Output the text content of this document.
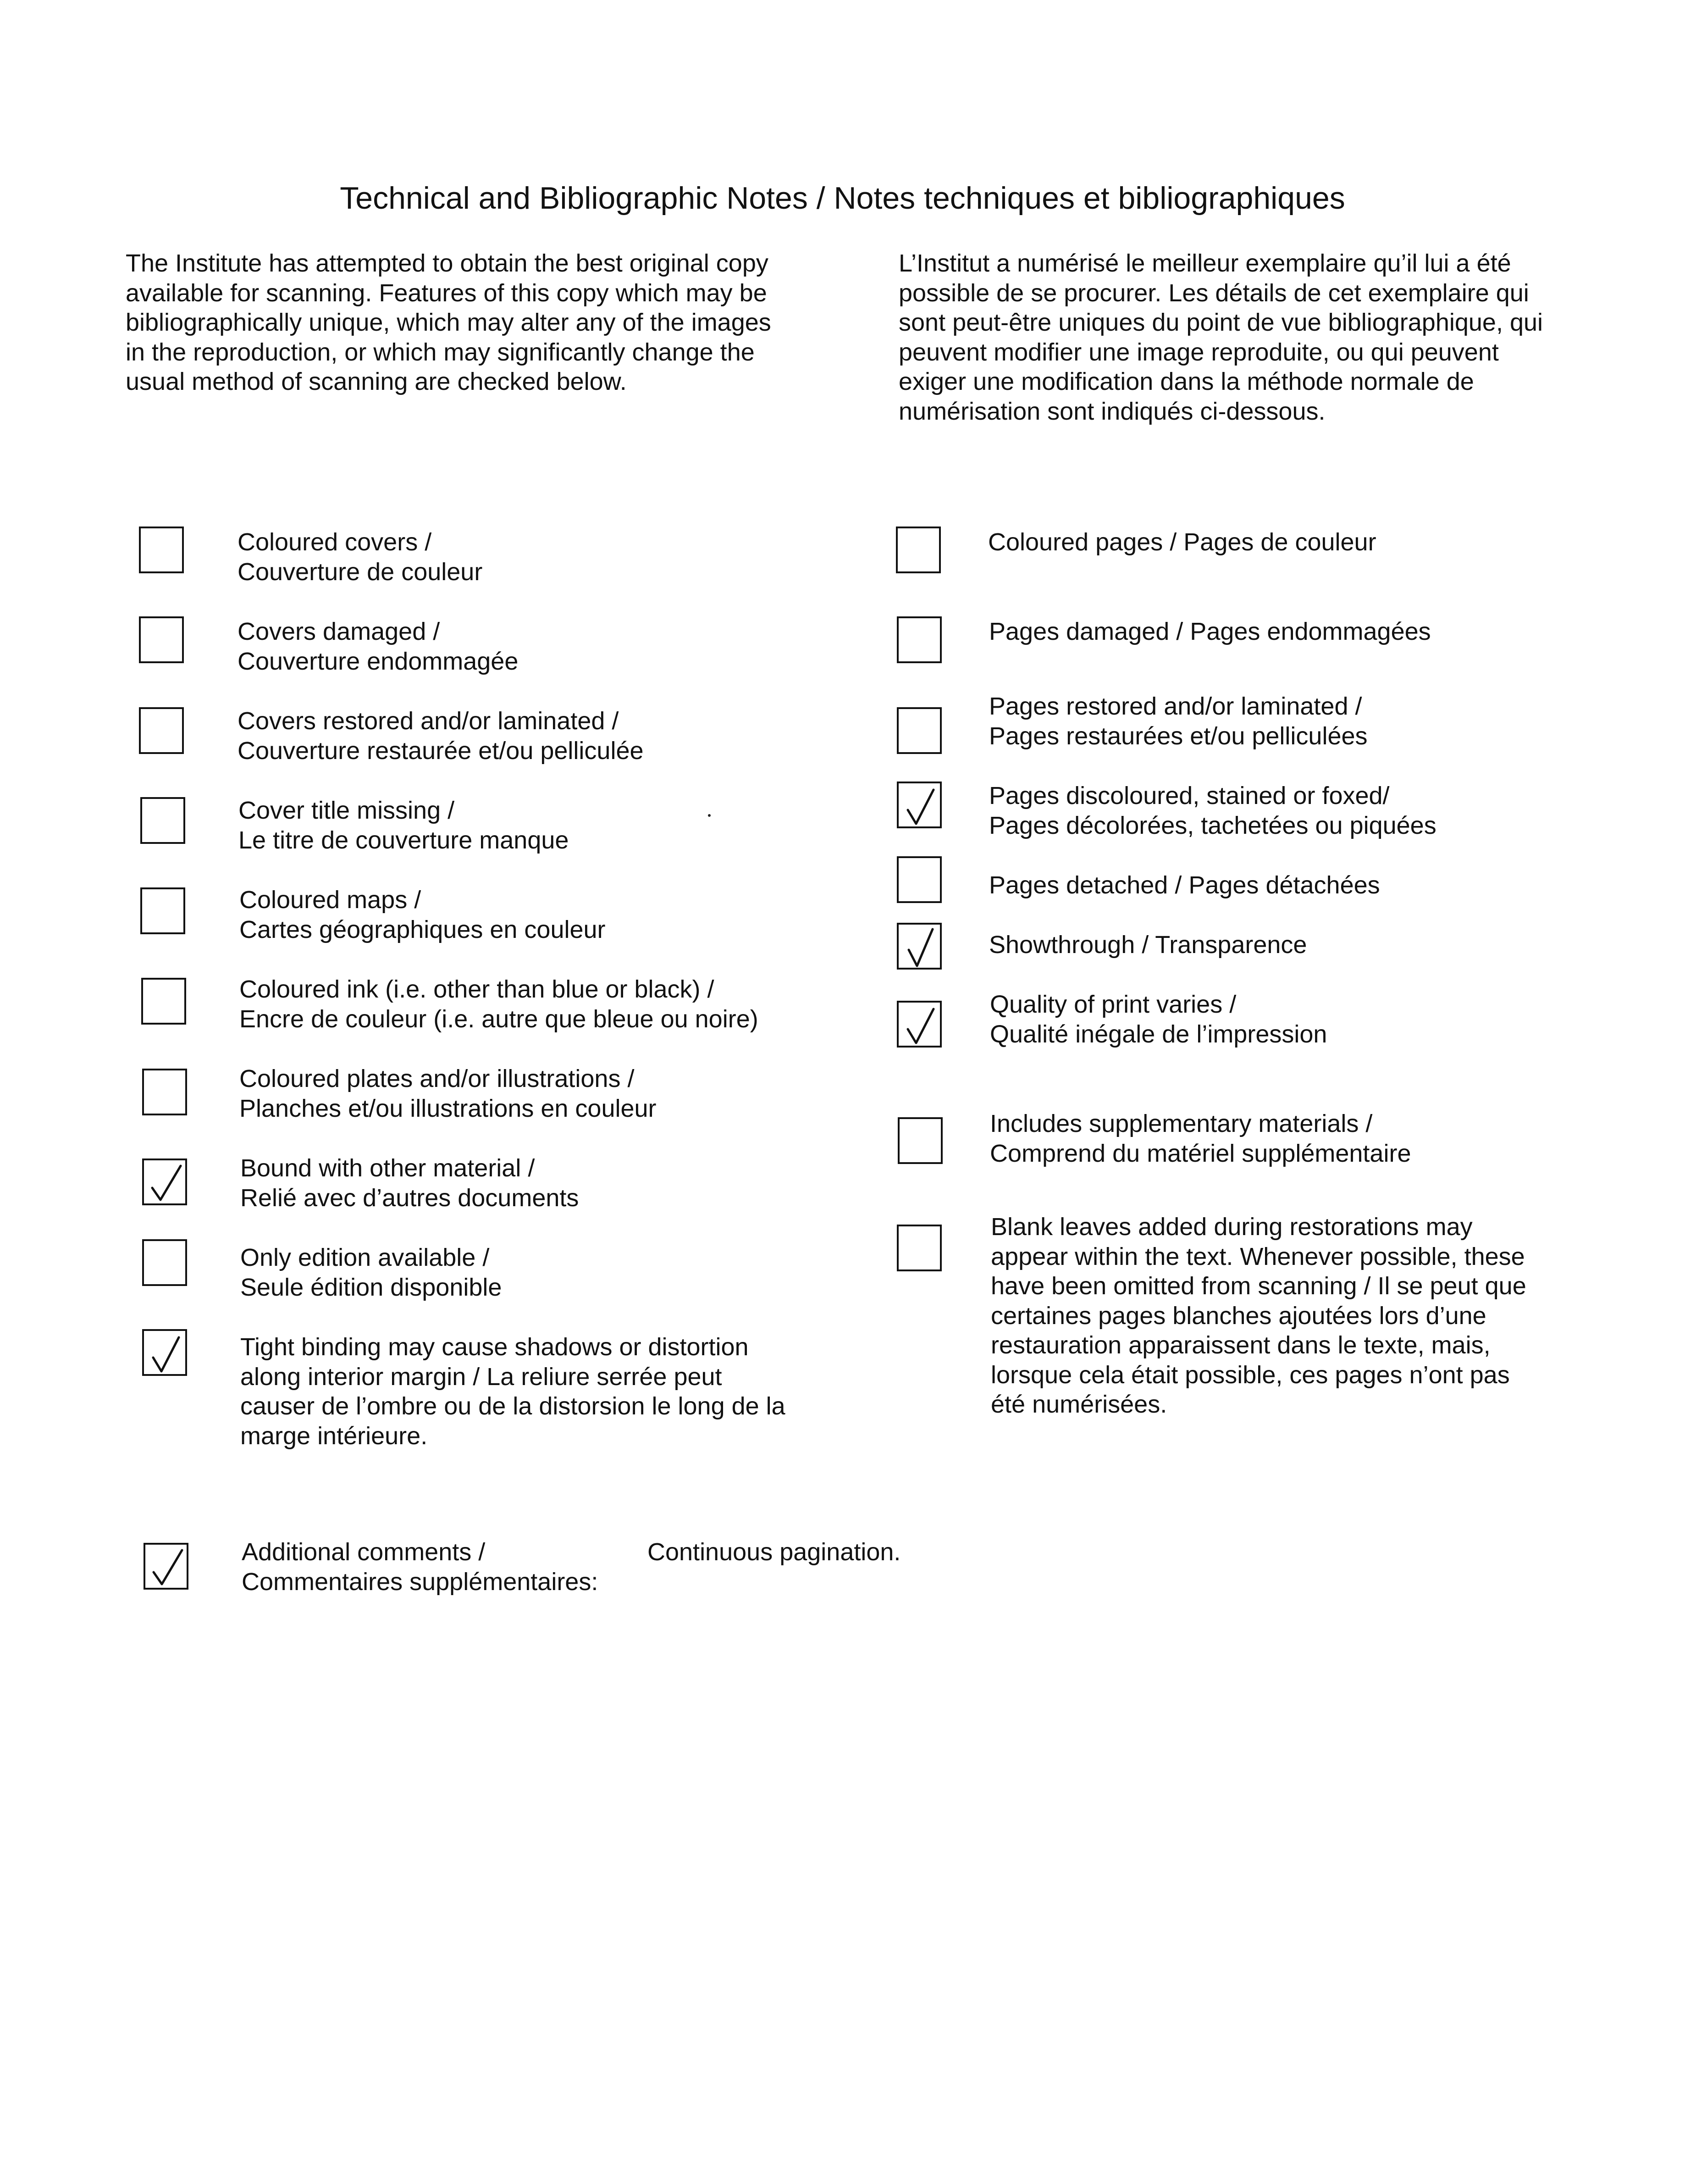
Technical and Bibliographic Notes / Notes techniques et bibliographiques
The Institute has attempted to obtain the best original copy
available for scanning. Features of this copy which may be
bibliographically unique, which may alter any of the images
in the reproduction, or which may significantly change the
usual method of scanning are checked below.
L’Institut a numérisé le meilleur exemplaire qu’il lui a été
possible de se procurer. Les détails de cet exemplaire qui
sont peut-être uniques du point de vue bibliographique, qui
peuvent modifier une image reproduite, ou qui peuvent
exiger une modification dans la méthode normale de
numérisation sont indiqués ci-dessous.
Coloured covers /
Couverture de couleur
Covers damaged /
Couverture endommagée
Covers restored and/or laminated /
Couverture restaurée et/ou pelliculée
Cover title missing /
Le titre de couverture manque
Coloured maps /
Cartes géographiques en couleur
Coloured ink (i.e. other than blue or black) /
Encre de couleur (i.e. autre que bleue ou noire)
Coloured plates and/or illustrations /
Planches et/ou illustrations en couleur
Bound with other material /
Relié avec d’autres documents
Only edition available /
Seule édition disponible
Tight binding may cause shadows or distortion
along interior margin / La reliure serrée peut
causer de l’ombre ou de la distorsion le long de la
marge intérieure.
Coloured pages / Pages de couleur
Pages damaged / Pages endommagées
Pages restored and/or laminated /
Pages restaurées et/ou pelliculées
Pages discoloured, stained or foxed/
Pages décolorées, tachetées ou piquées
Pages detached / Pages détachées
Showthrough / Transparence
Quality of print varies /
Qualité inégale de l’impression
Includes supplementary materials /
Comprend du matériel supplémentaire
Blank leaves added during restorations may
appear within the text. Whenever possible, these
have been omitted from scanning / Il se peut que
certaines pages blanches ajoutées lors d’une
restauration apparaissent dans le texte, mais,
lorsque cela était possible, ces pages n’ont pas
été numérisées.
Additional comments /
Commentaires supplémentaires:
Continuous pagination.
